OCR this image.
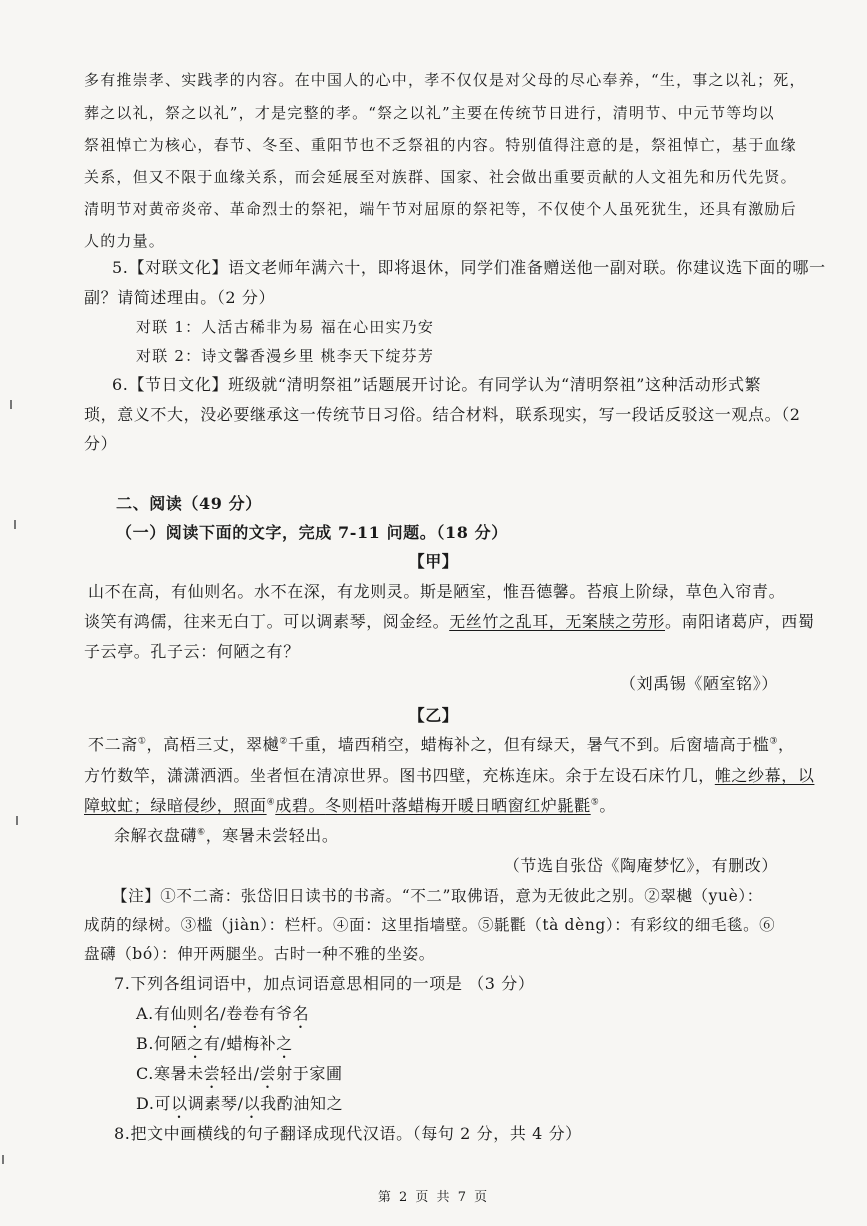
多有推崇孝、实践孝的内容。在中国人的心中，孝不仅仅是对父母的尽心奉养，“生，事之以礼；死，
葬之以礼，祭之以礼”，才是完整的孝。“祭之以礼”主要在传统节日进行，清明节、中元节等均以
祭祖悼亡为核心，春节、冬至、重阳节也不乏祭祖的内容。特别值得注意的是，祭祖悼亡，基于血缘
关系，但又不限于血缘关系，而会延展至对族群、国家、社会做出重要贡献的人文祖先和历代先贤。
清明节对黄帝炎帝、革命烈士的祭祀，端午节对屈原的祭祀等，不仅使个人虽死犹生，还具有激励后
人的力量。
5.【对联文化】语文老师年满六十，即将退休，同学们准备赠送他一副对联。你建议选下面的哪一
副？请简述理由。（2 分）
对联 1：人活古稀非为易 福在心田实乃安
对联 2：诗文馨香漫乡里 桃李天下绽芬芳
6.【节日文化】班级就“清明祭祖”话题展开讨论。有同学认为“清明祭祖”这种活动形式繁
琐，意义不大，没必要继承这一传统节日习俗。结合材料，联系现实，写一段话反驳这一观点。（2
分）
二、阅读（49 分）
（一）阅读下面的文字，完成 7-11 问题。（18 分）
【甲】
山不在高，有仙则名。水不在深，有龙则灵。斯是陋室，惟吾德馨。苔痕上阶绿，草色入帘青。
谈笑有鸿儒，往来无白丁。可以调素琴，阅金经。无丝竹之乱耳，无案牍之劳形。南阳诸葛庐，西蜀
子云亭。孔子云：何陋之有？
（刘禹锡《陋室铭》）
【乙】
不二斋①，高梧三丈，翠樾②千重，墙西稍空，蜡梅补之，但有绿天，暑气不到。后窗墙高于槛③，
方竹数竿，潇潇洒洒。坐者恒在清凉世界。图书四壁，充栋连床。余于左设石床竹几，帷之纱幕，以
障蚊虻；绿暗侵纱，照面④成碧。冬则梧叶落蜡梅开暖日晒窗红炉毾氍⑤。
余解衣盘礴⑥，寒暑未尝轻出。
（节选自张岱《陶庵梦忆》，有删改）
【注】①不二斋：张岱旧日读书的书斋。“不二”取佛语，意为无彼此之别。②翠樾（yuè）：
成荫的绿树。③槛（jiàn）：栏杆。④面：这里指墙壁。⑤毾氍（tà dèng）：有彩纹的细毛毯。⑥
盘礴（bó）：伸开两腿坐。古时一种不雅的坐姿。
7.下列各组词语中，加点词语意思相同的一项是 （3 分）
A.有仙则名/卷卷有爷名
B.何陋之有/蜡梅补之
C.寒暑未尝轻出/尝射于家圃
D.可以调素琴/以我酌油知之
8.把文中画横线的句子翻译成现代汉语。（每句 2 分，共 4 分）
第 2 页 共 7 页
